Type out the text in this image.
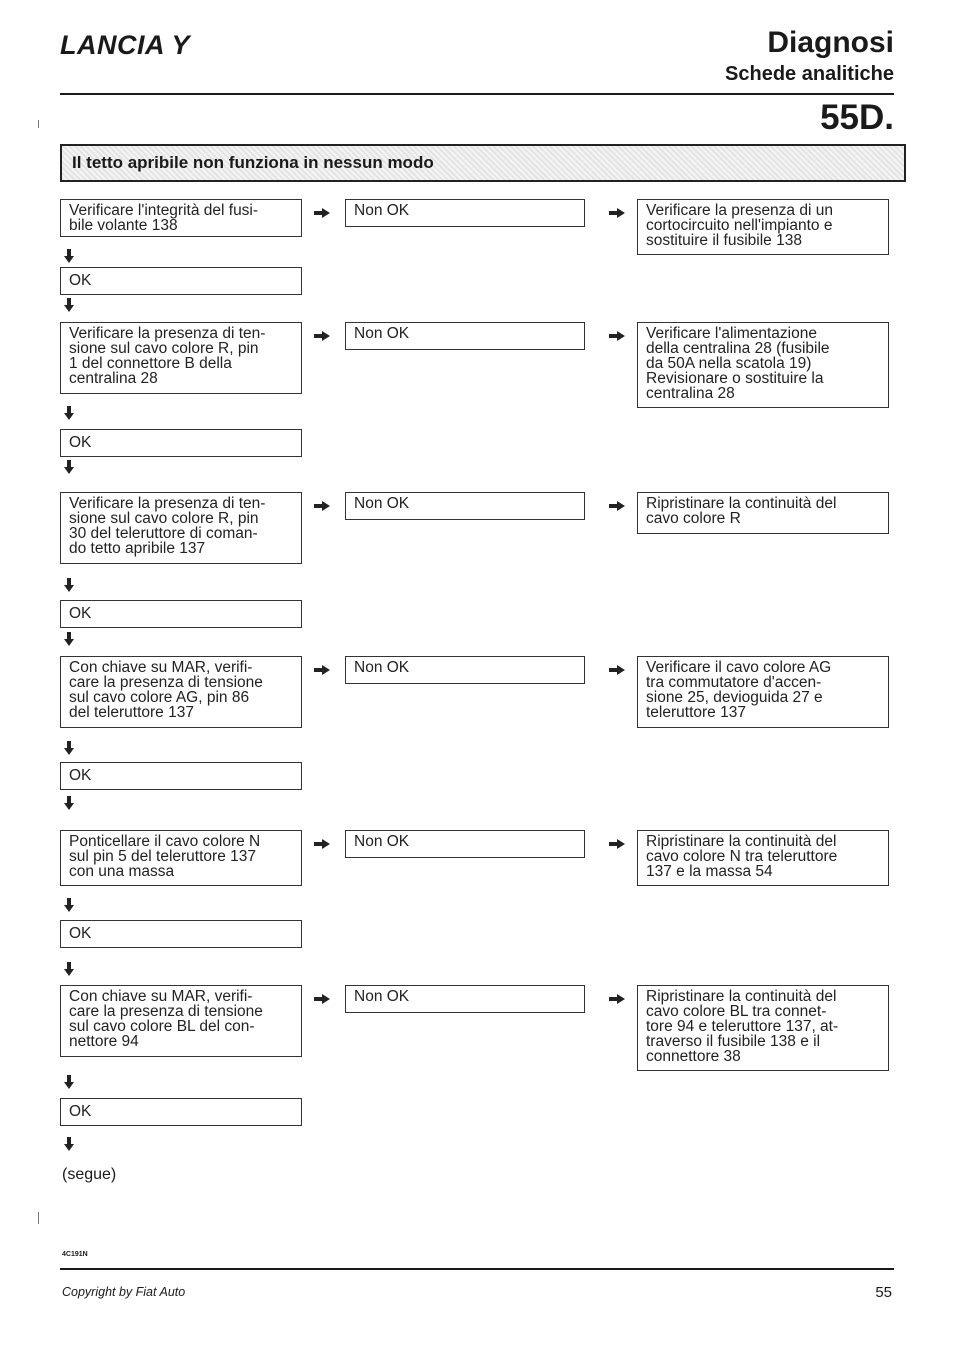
LANCIA Y	Diagnosi
Schede analitiche
55D.
Il tetto apribile non funziona in nessun modo
Verificare l'integrità del fusi-
bile volante 138
Non OK	Verificare la presenza di un
cortocircuito nell'impianto e
sostituire il fusibile 138
OK
Verificare la presenza di ten-
sione sul cavo colore R, pin
1 del connettore B della
centralina 28
Non OK	Verificare l'alimentazione
della centralina 28 (fusibile
da 50A nella scatola 19)
Revisionare o sostituire la
centralina 28
OK
Verificare la presenza di ten-
sione sul cavo colore R, pin
30 del teleruttore di coman-
do tetto apribile 137
Non OK	Ripristinare la continuità del
cavo colore R
OK
Con chiave su MAR, verifi-
care la presenza di tensione
sul cavo colore AG, pin 86
del teleruttore 137
Non OK	Verificare il cavo colore AG
tra commutatore d'accen-
sione 25, devioguida 27 e
teleruttore 137
OK
Ponticellare il cavo colore N
sul pin 5 del teleruttore 137
con una massa
Non OK	Ripristinare la continuità del
cavo colore N tra teleruttore
137 e la massa 54
OK
Con chiave su MAR, verifi-
care la presenza di tensione
sul cavo colore BL del con-
nettore 94
Non OK	Ripristinare la continuità del
cavo colore BL tra connet-
tore 94 e teleruttore 137, at-
traverso il fusibile 138 e il
connettore 38
OK
(segue)
4C191N
Copyright by Fiat Auto	55
